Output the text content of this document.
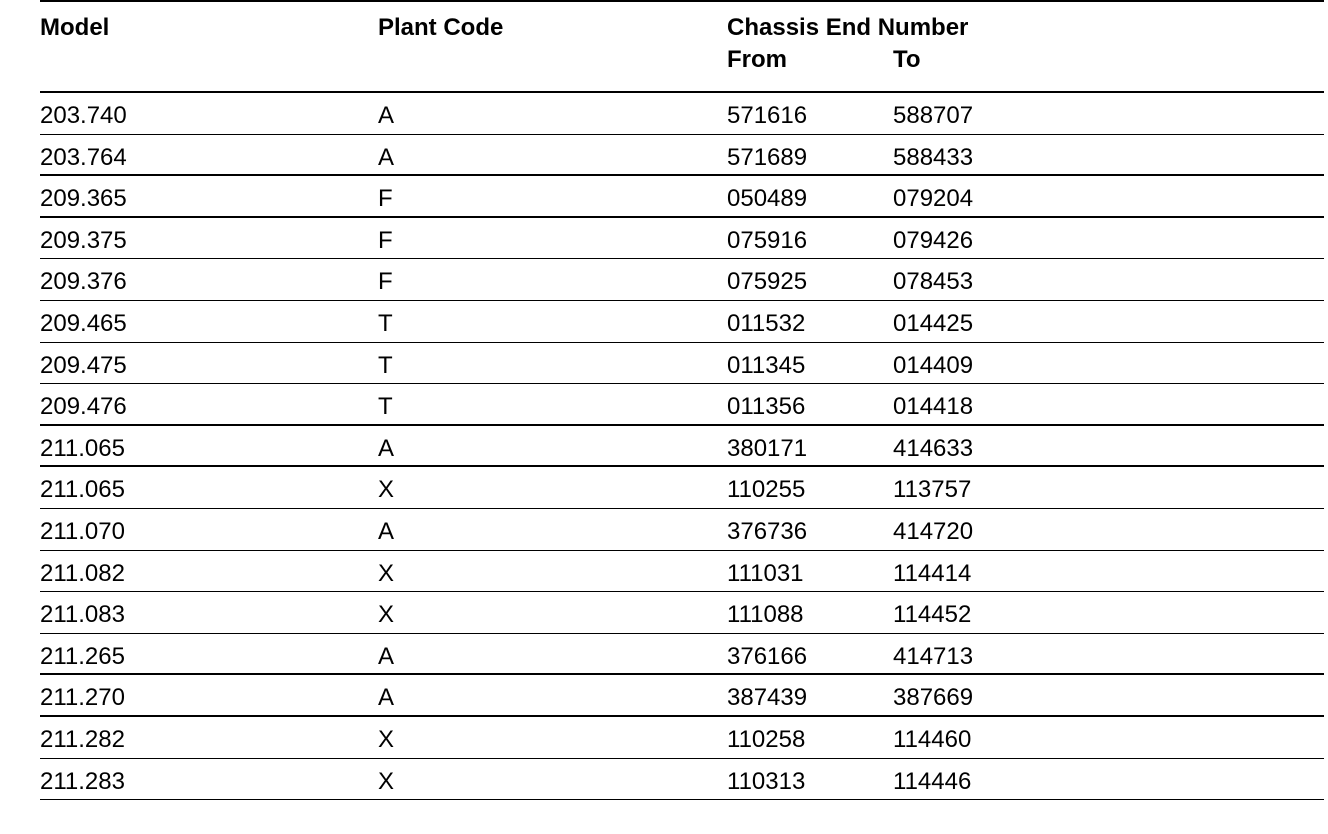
Model	Plant Code	Chassis End Number
From	To
203.740	A	571616	588707
203.764	A	571689	588433
209.365	F	050489	079204
209.375	F	075916	079426
209.376	F	075925	078453
209.465	T	011532	014425
209.475	T	011345	014409
209.476	T	011356	014418
211.065	A	380171	414633
211.065	X	110255	113757
211.070	A	376736	414720
211.082	X	111031	114414
211.083	X	111088	114452
211.265	A	376166	414713
211.270	A	387439	387669
211.282	X	110258	114460
211.283	X	110313	114446
